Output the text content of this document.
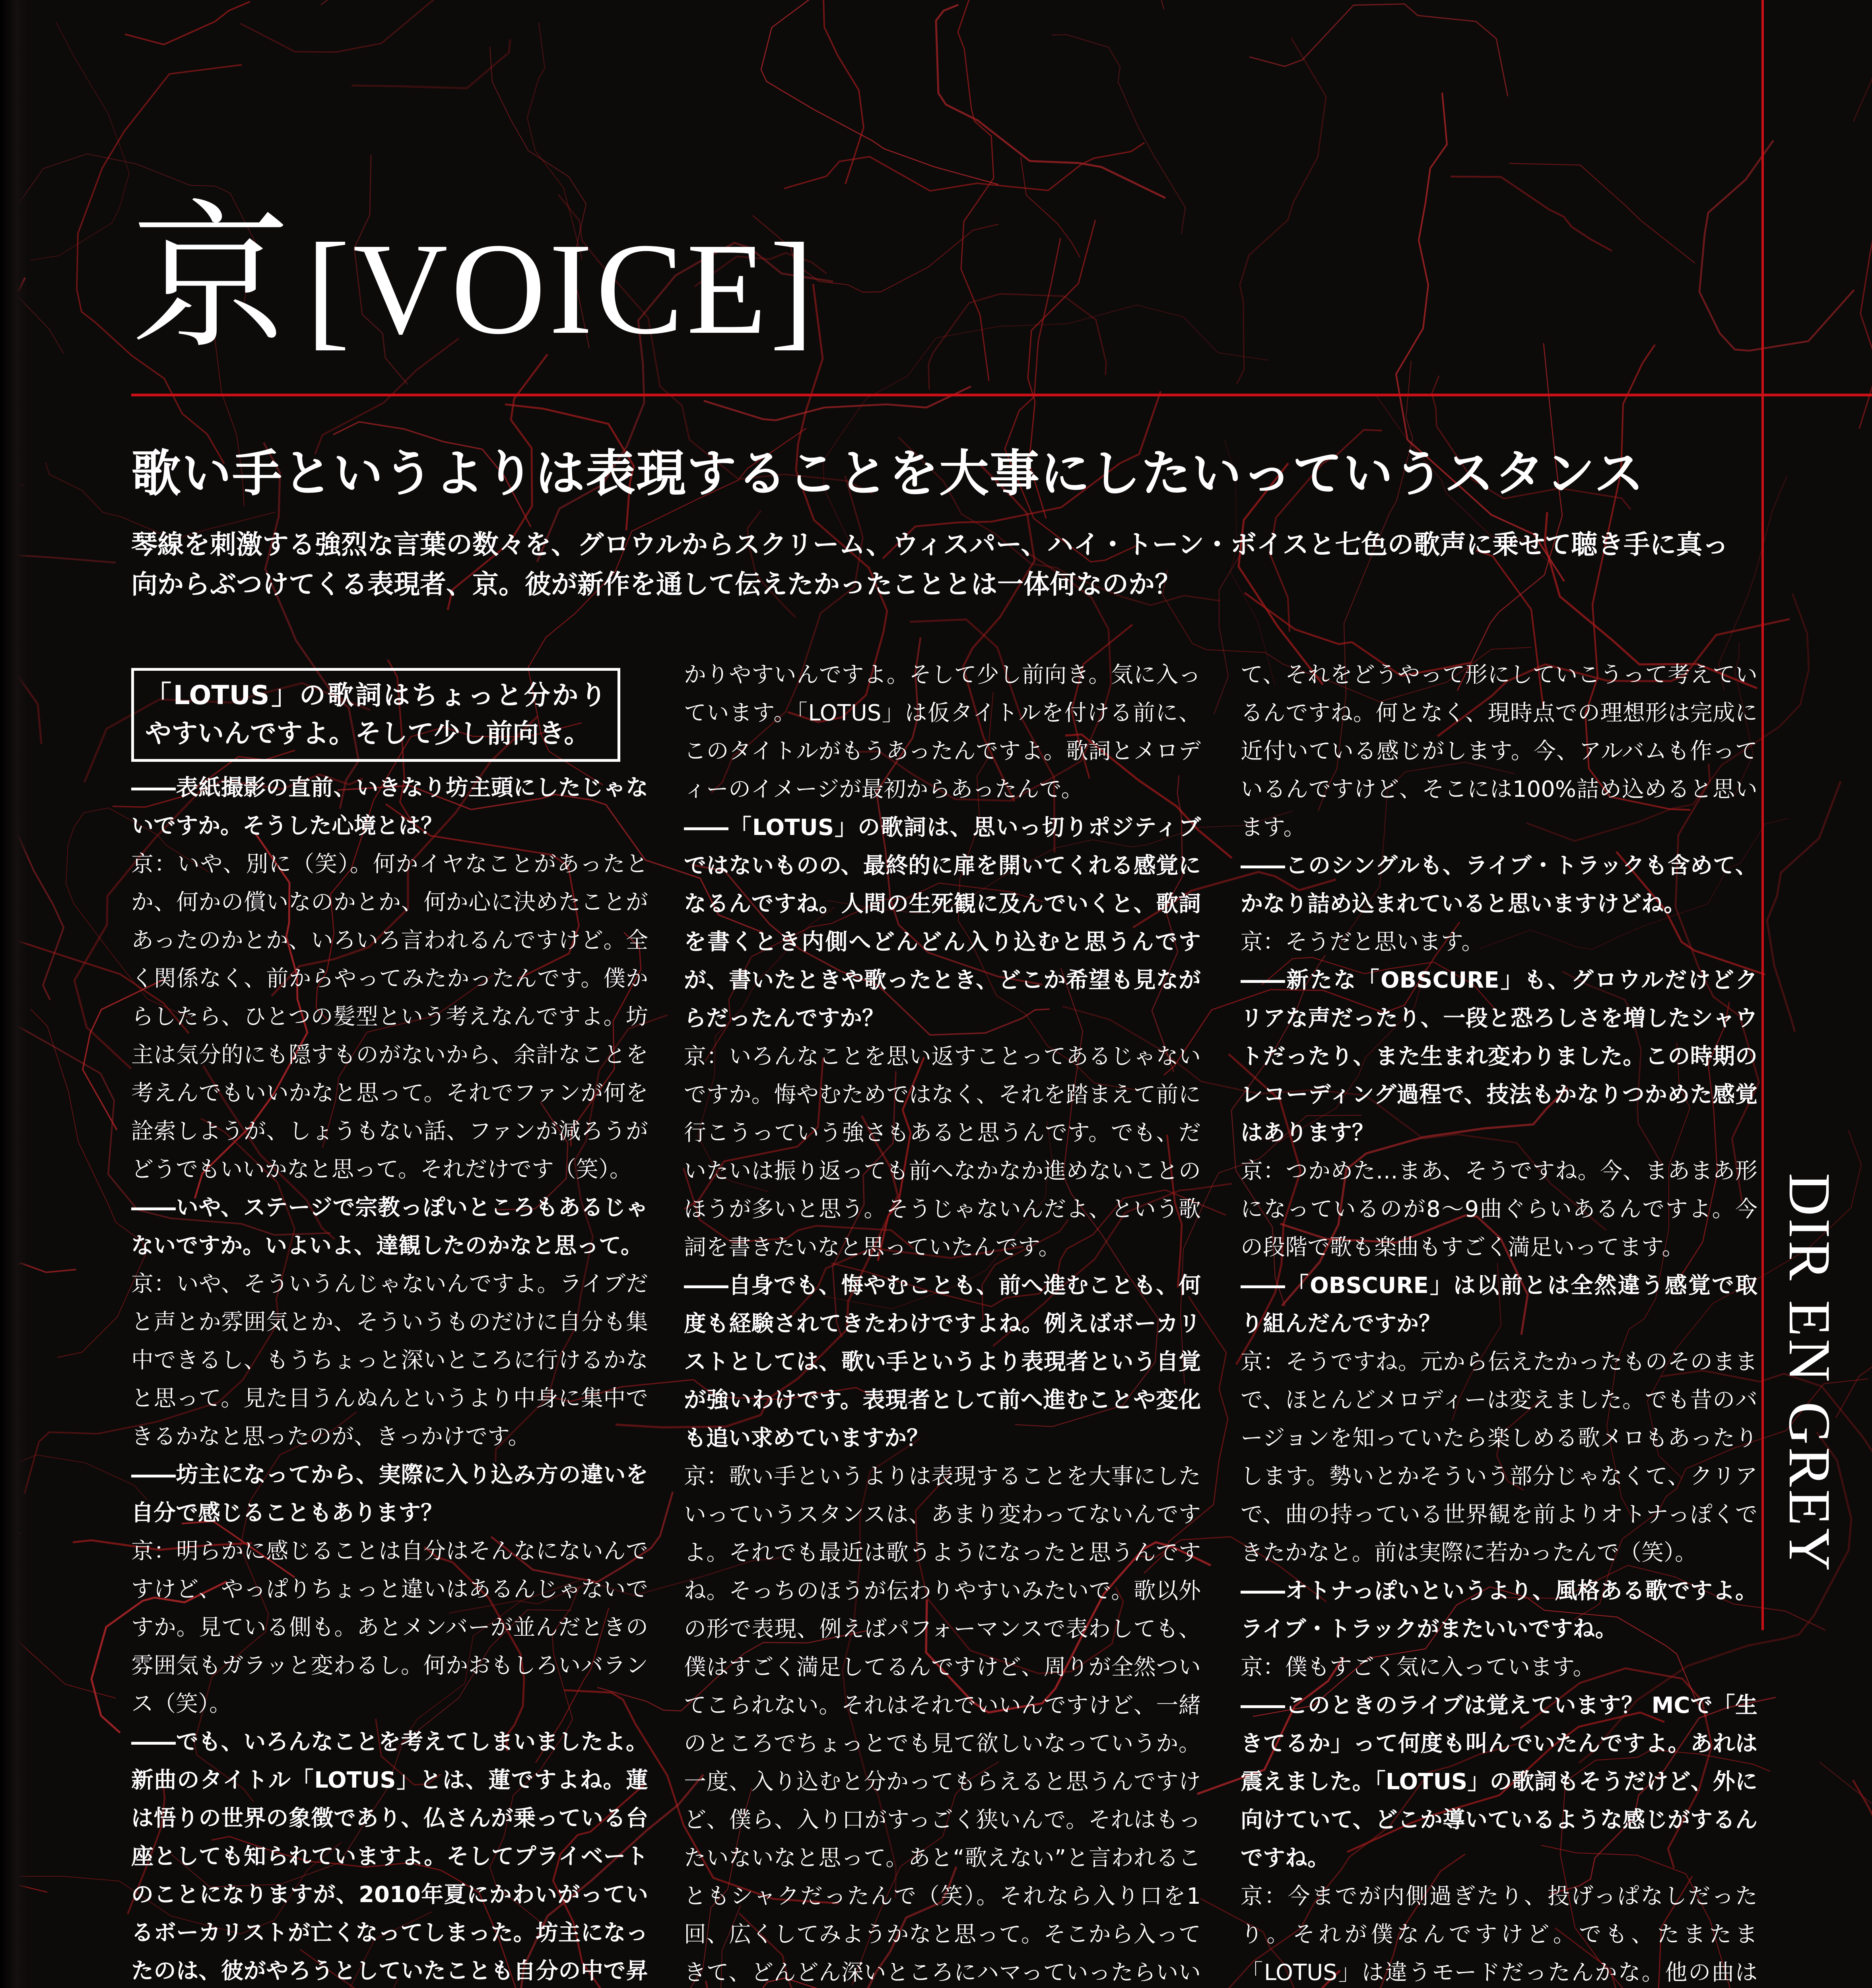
京 [VOICE]
歌い手というよりは表現することを大事にしたいっていうスタンス
琴線を刺激する強烈な言葉の数々を、グロウルからスクリーム、ウィスパー、ハイ・トーン・ボイスと七色の歌声に乗せて聴き手に真っ向からぶつけてくる表現者、京。彼が新作を通して伝えたかったこととは一体何なのか？
「LOTUS」の歌詞はちょっと分かりやすいんですよ。そして少し前向き。

――表紙撮影の直前、いきなり坊主頭にしたじゃないですか。そうした心境とは？

京：いや、別に（笑）。何かイヤなことがあったとか、何かの償いなのかとか、何か心に決めたことがあったのかとか、いろいろ言われるんですけど。全く関係なく、前からやってみたかったんです。僕からしたら、ひとつの髪型という考えなんですよ。坊主は気分的にも隠すものがないから、余計なことを考えんでもいいかなと思って。それでファンが何を詮索しようが、しょうもない話、ファンが減ろうがどうでもいいかなと思って。それだけです（笑）。

――いや、ステージで宗教っぽいところもあるじゃないですか。いよいよ、達観したのかなと思って。

京：いや、そういうんじゃないんですよ。ライブだと声とか雰囲気とか、そういうものだけに自分も集中できるし、もうちょっと深いところに行けるかなと思って。見た目うんぬんというより中身に集中できるかなと思ったのが、きっかけです。

――坊主になってから、実際に入り込み方の違いを自分で感じることもあります？

京：明らかに感じることは自分はそんなにないんですけど、やっぱりちょっと違いはあるんじゃないですか。見ている側も。あとメンバーが並んだときの雰囲気もガラッと変わるし。何かおもしろいバランス（笑）。

――でも、いろんなことを考えてしまいましたよ。新曲のタイトル「LOTUS」とは、蓮ですよね。蓮は悟りの世界の象徴であり、仏さんが乗っている台座としても知られていますよ。そしてプライベートのことになりますが、2010年夏にかわいがっているボーカリストが亡くなってしまった。坊主になったのは、彼がやろうとしていたことも自分の中で昇

かりやすいんですよ。そして少し前向き。気に入っています。「LOTUS」は仮タイトルを付ける前に、このタイトルがもうあったんですよ。歌詞とメロディーのイメージが最初からあったんで。

――「LOTUS」の歌詞は、思いっ切りポジティブではないものの、最終的に扉を開いてくれる感覚になるんですね。人間の生死観に及んでいくと、歌詞を書くとき内側へどんどん入り込むと思うんですが、書いたときや歌ったとき、どこか希望も見ながらだったんですか？

京：いろんなことを思い返すことってあるじゃないですか。悔やむためではなく、それを踏まえて前に行こうっていう強さもあると思うんです。でも、だいたいは振り返っても前へなかなか進めないことのほうが多いと思う。そうじゃないんだよ、という歌詞を書きたいなと思っていたんです。

――自身でも、悔やむことも、前へ進むことも、何度も経験されてきたわけですよね。例えばボーカリストとしては、歌い手というより表現者という自覚が強いわけです。表現者として前へ進むことや変化も追い求めていますか？

京：歌い手というよりは表現することを大事にしたいっていうスタンスは、あまり変わってないんですよ。それでも最近は歌うようになったと思うんですね。そっちのほうが伝わりやすいみたいで。歌以外の形で表現、例えばパフォーマンスで表わしても、僕はすごく満足してるんですけど、周りが全然ついてこられない。それはそれでいいんですけど、一緒のところでちょっとでも見て欲しいなっていうか。一度、入り込むと分かってもらえると思うんですけど、僕ら、入り口がすっごく狭いんで。それはもったいないなと思って。あと“歌えない”と言われることもシャクだったんで（笑）。それなら入り口を1回、広くしてみようかなと思って。そこから入ってきて、どんどん深いところにハマっていったらいい

て、それをどうやって形にしていこうって考えているんですね。何となく、現時点での理想形は完成に近付いている感じがします。今、アルバムも作っているんですけど、そこには100%詰め込めると思います。

――このシングルも、ライブ・トラックも含めて、かなり詰め込まれていると思いますけどね。

京：そうだと思います。

――新たな「OBSCURE」も、グロウルだけどクリアな声だったり、一段と恐ろしさを増したシャウトだったり、また生まれ変わりました。この時期のレコーディング過程で、技法もかなりつかめた感覚はあります？

京：つかめた…まあ、そうですね。今、まあまあ形になっているのが8～9曲ぐらいあるんですよ。今の段階で歌も楽曲もすごく満足いってます。

――「OBSCURE」は以前とは全然違う感覚で取り組んだんですか？

京：そうですね。元から伝えたかったものそのままで、ほとんどメロディーは変えました。でも昔のバージョンを知っていたら楽しめる歌メロもあったりします。勢いとかそういう部分じゃなくて、クリアで、曲の持っている世界観を前よりオトナっぽくできたかなと。前は実際に若かったんで（笑）。

――オトナっぽいというより、風格ある歌ですよ。ライブ・トラックがまたいいですね。

京：僕もすごく気に入っています。

――このときのライブは覚えています？ MCで「生きてるか」って何度も叫んでいたんですよ。あれは震えました。「LOTUS」の歌詞もそうだけど、外に向けていて、どこか導いているような感じがするんですね。

京：今までが内側過ぎたり、投げっぱなしだったり。それが僕なんですけど。でも、たまたま「LOTUS」は違うモードだったんかな。他の曲は

DIR EN GREY
